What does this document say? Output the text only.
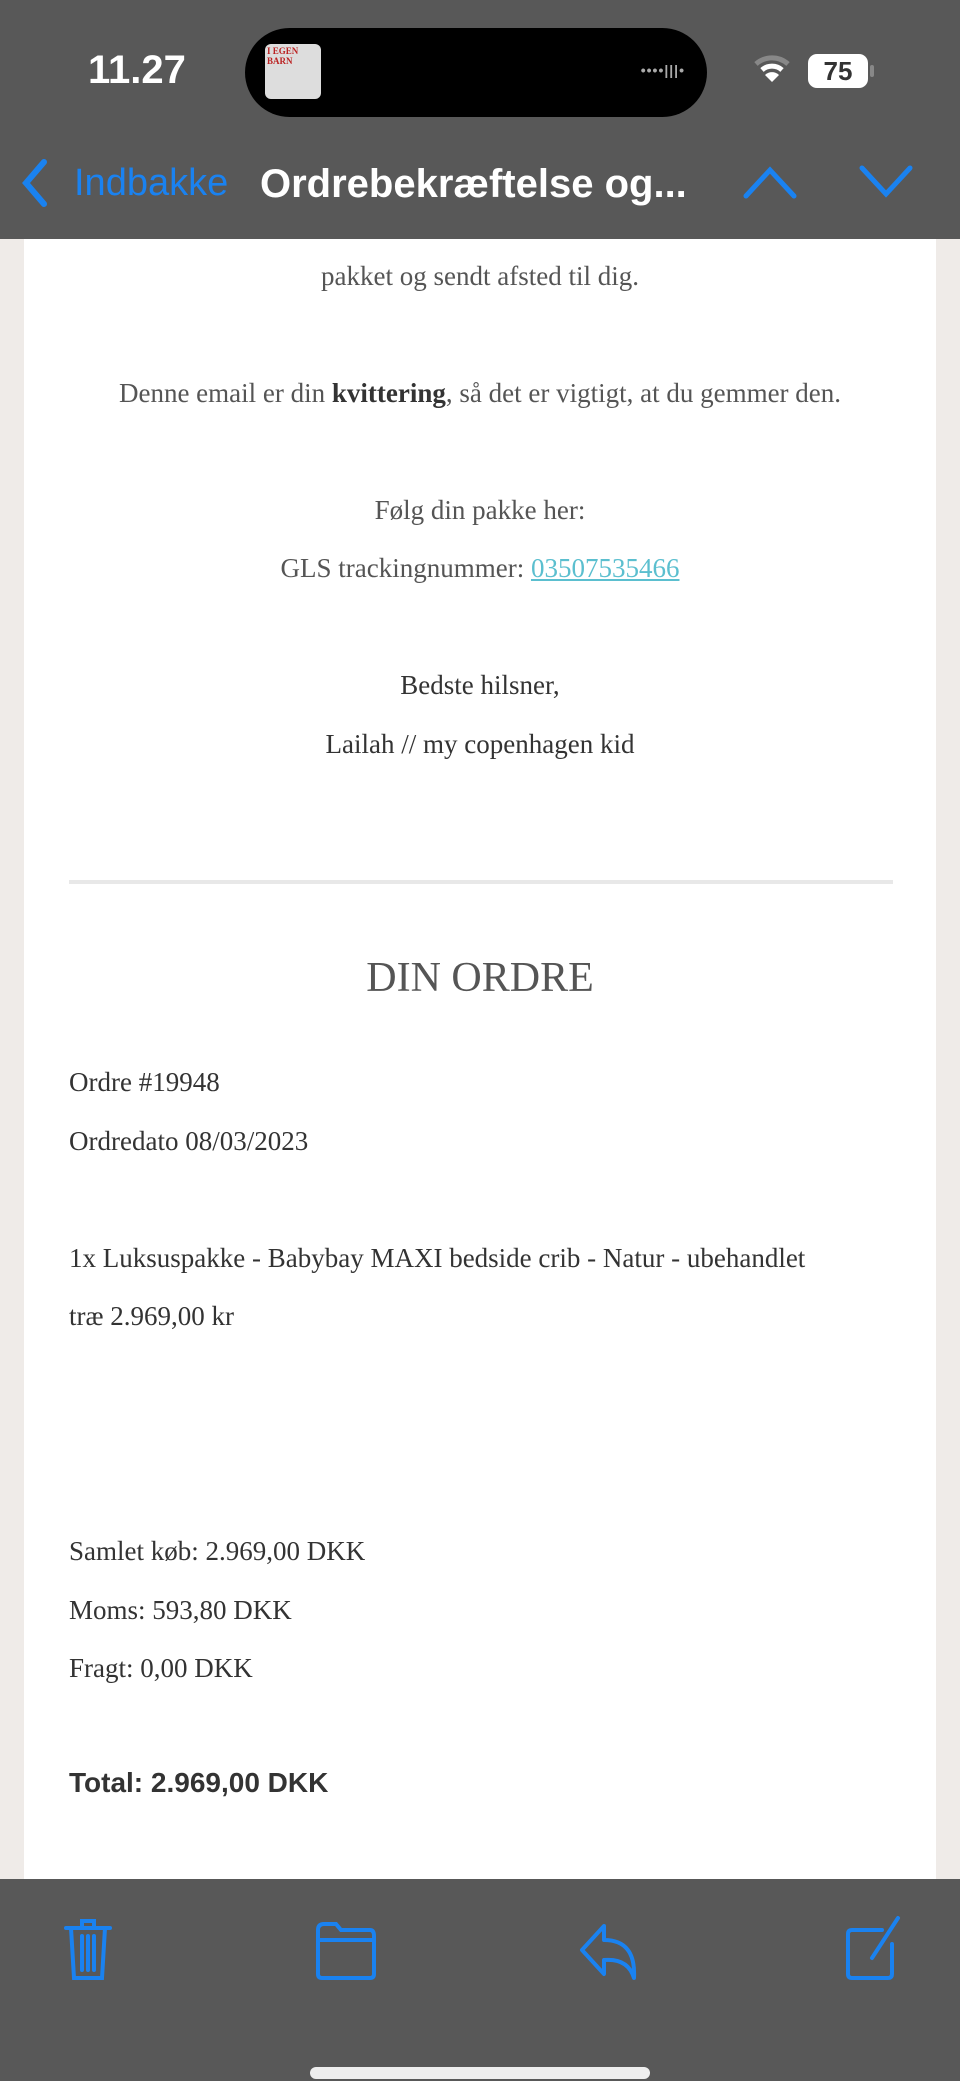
11.27	I EGEN BARN
••••|||•	75
Indbakke Ordrebekræftelse og...
pakket og sendt afsted til dig.
Denne email er din kvittering, så det er vigtigt, at du gemmer den.
Følg din pakke her:
GLS trackingnummer: 03507535466
Bedste hilsner,
Lailah // my copenhagen kid
DIN ORDRE
Ordre #19948
Ordredato 08/03/2023
1x Luksuspakke - Babybay MAXI bedside crib - Natur - ubehandlet
træ 2.969,00 kr
Samlet køb: 2.969,00 DKK
Moms: 593,80 DKK
Fragt: 0,00 DKK
Total: 2.969,00 DKK
